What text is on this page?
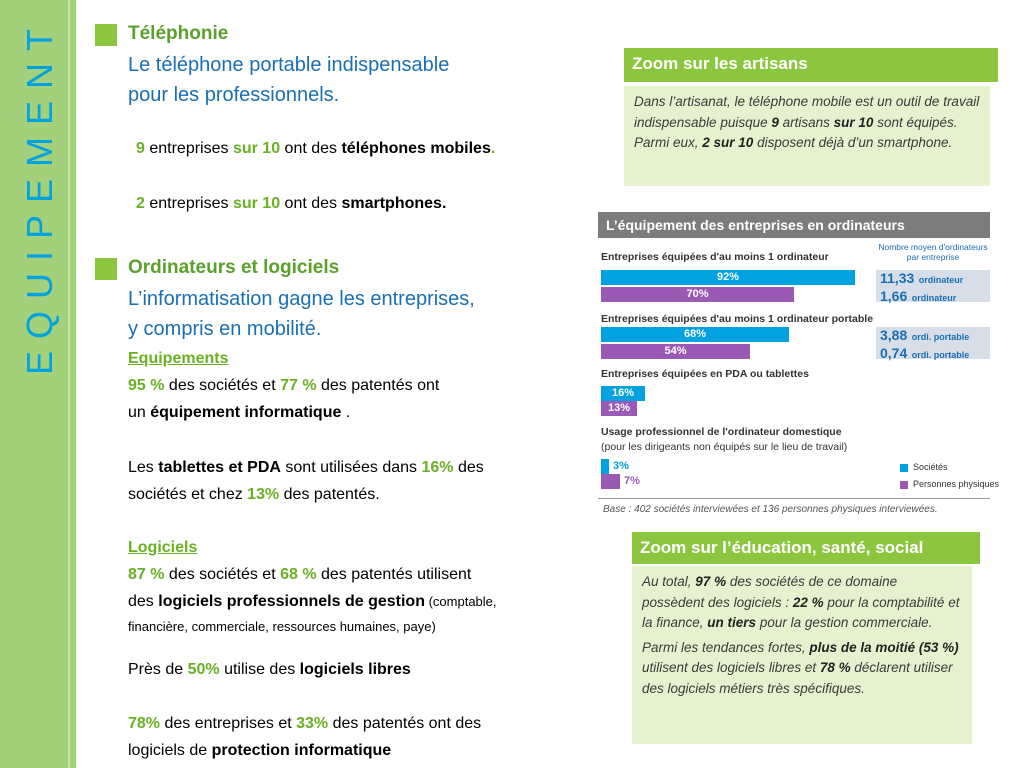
EQUIPEMENT	Téléphonie
Le téléphone portable indispensable
pour les professionnels.
9 entreprises sur 10 ont des téléphones mobiles.
2 entreprises sur 10 ont des smartphones.
Ordinateurs et logiciels
L’informatisation gagne les entreprises,
y compris en mobilité.
Equipements
95 % des sociétés et 77 % des patentés ont
un équipement informatique .
Les tablettes et PDA sont utilisées dans 16% des
sociétés et chez 13% des patentés.
Logiciels
87 % des sociétés et 68 % des patentés utilisent
des logiciels professionnels de gestion (comptable,
financière, commerciale, ressources humaines, paye)
Près de 50% utilise des logiciels libres
78% des entreprises et 33% des patentés ont des
logiciels de protection informatique
Zoom sur les artisans
Dans l’artisanat, le téléphone mobile est un outil de travail indispensable puisque 9 artisans sur 10 sont équipés. Parmi eux, 2 sur 10 disposent déjà d’un smartphone.
L’équipement des entreprises en ordinateurs
92%
68%
16%
3%
70%
54%
13%
7%
Entreprises équipées d'au moins 1 ordinateur
Entreprises équipées d'au moins 1 ordinateur portable
Entreprises équipées en PDA ou tablettes
Usage professionnel de l'ordinateur domestique
(pour les dirigeants non équipés sur le lieu de travail)
Nombre moyen d'ordinateurs par entreprise
11,33 ordinateur
1,66 ordinateur
3,88 ordi. portable
0,74 ordi. portable
Sociétés
Personnes physiques
Base : 402 sociétés interviewées et 136 personnes physiques interviewées.
Zoom sur l’éducation, santé, social

Au total, 97 % des sociétés de ce domaine possèdent des logiciels : 22 % pour la comptabilité et la finance, un tiers pour la gestion commerciale.

Parmi les tendances fortes, plus de la moitié (53 %) utilisent des logiciels libres et 78 % déclarent utiliser des logiciels métiers très spécifiques.
